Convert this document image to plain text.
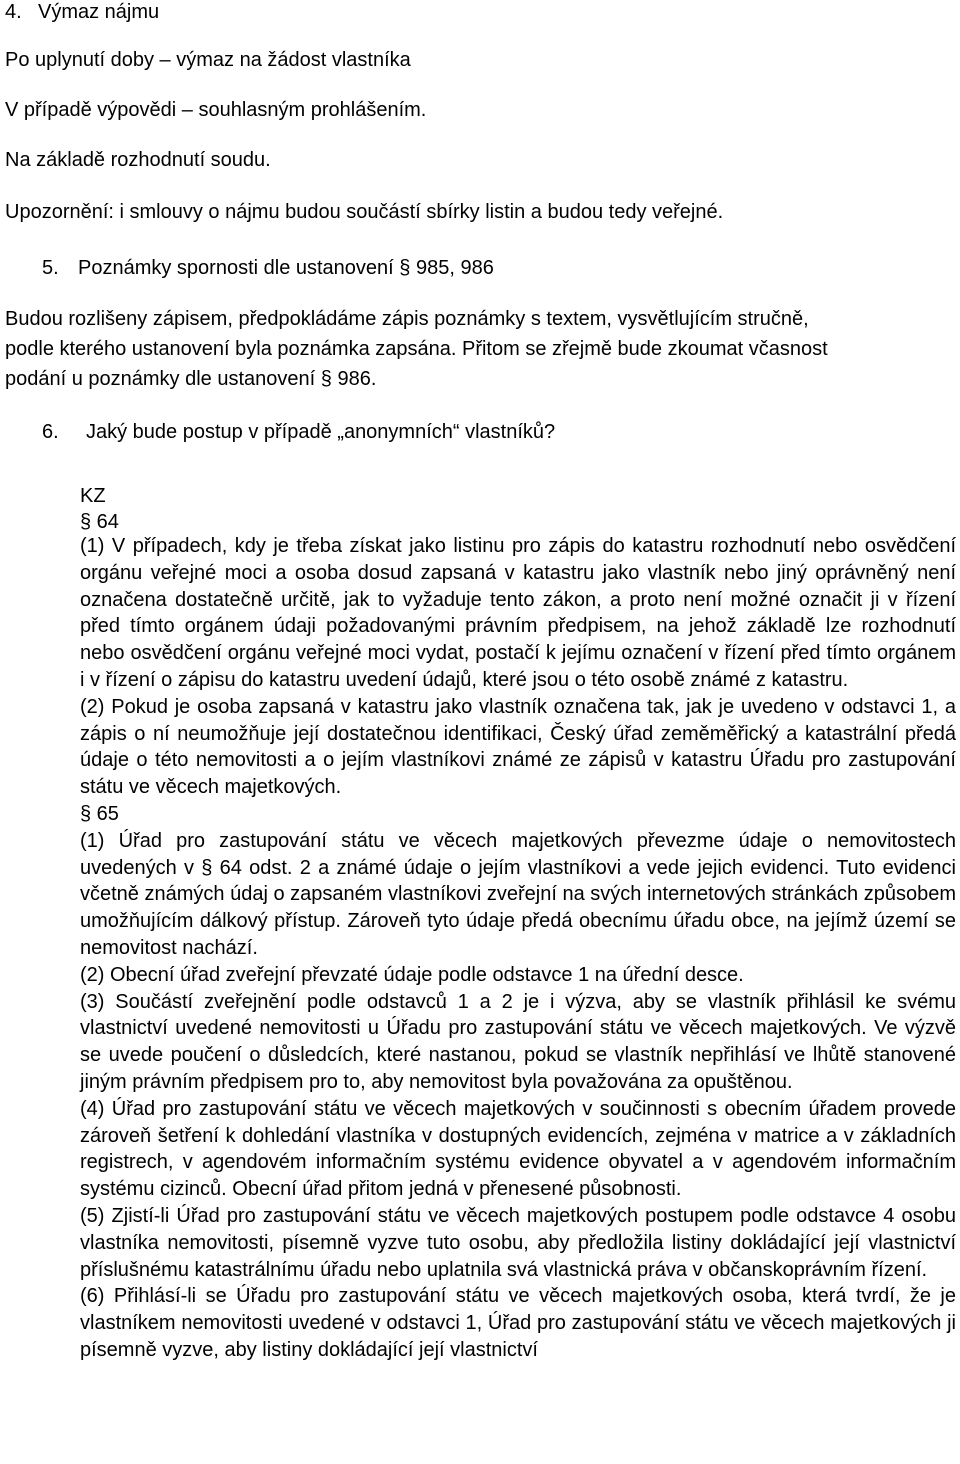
4. Výmaz nájmu
Po uplynutí doby – výmaz na žádost vlastníka
V případě výpovědi – souhlasným prohlášením.
Na základě rozhodnutí soudu.
Upozornění: i smlouvy o nájmu budou součástí sbírky listin a budou tedy veřejné.
5. Poznámky spornosti dle ustanovení § 985, 986
Budou rozlišeny zápisem, předpokládáme zápis poznámky s textem, vysvětlujícím stručně,
podle kterého ustanovení byla poznámka zapsána. Přitom se zřejmě bude zkoumat včasnost
podání u poznámky dle ustanovení § 986.
6. Jaký bude postup v případě „anonymních“ vlastníků?
KZ
§ 64

(1) V případech, kdy je třeba získat jako listinu pro zápis do katastru rozhodnutí nebo osvědčení orgánu veřejné moci a osoba dosud zapsaná v katastru jako vlastník nebo jiný oprávněný není označena dostatečně určitě, jak to vyžaduje tento zákon, a proto není možné označit ji v řízení před tímto orgánem údaji požadovanými právním předpisem, na jehož základě lze rozhodnutí nebo osvědčení orgánu veřejné moci vydat, postačí k jejímu označení v řízení před tímto orgánem i v řízení o zápisu do katastru uvedení údajů, které jsou o této osobě známé z katastru.

(2) Pokud je osoba zapsaná v katastru jako vlastník označena tak, jak je uvedeno v odstavci 1, a zápis o ní neumožňuje její dostatečnou identifikaci, Český úřad zeměměřický a katastrální předá údaje o této nemovitosti a o jejím vlastníkovi známé ze zápisů v katastru Úřadu pro zastupování státu ve věcech majetkových.

§ 65

(1) Úřad pro zastupování státu ve věcech majetkových převezme údaje o nemovitostech uvedených v § 64 odst. 2 a známé údaje o jejím vlastníkovi a vede jejich evidenci. Tuto evidenci včetně známých údaj o zapsaném vlastníkovi zveřejní na svých internetových stránkách způsobem umožňujícím dálkový přístup. Zároveň tyto údaje předá obecnímu úřadu obce, na jejímž území se nemovitost nachází.

(2) Obecní úřad zveřejní převzaté údaje podle odstavce 1 na úřední desce.

(3) Součástí zveřejnění podle odstavců 1 a 2 je i výzva, aby se vlastník přihlásil ke svému vlastnictví uvedené nemovitosti u Úřadu pro zastupování státu ve věcech majetkových. Ve výzvě se uvede poučení o důsledcích, které nastanou, pokud se vlastník nepřihlásí ve lhůtě stanovené jiným právním předpisem pro to, aby nemovitost byla považována za opuštěnou.

(4) Úřad pro zastupování státu ve věcech majetkových v součinnosti s obecním úřadem provede zároveň šetření k dohledání vlastníka v dostupných evidencích, zejména v matrice a v základních registrech, v agendovém informačním systému evidence obyvatel a v agendovém informačním systému cizinců. Obecní úřad přitom jedná v přenesené působnosti.

(5) Zjistí-li Úřad pro zastupování státu ve věcech majetkových postupem podle odstavce 4 osobu vlastníka nemovitosti, písemně vyzve tuto osobu, aby předložila listiny dokládající její vlastnictví příslušnému katastrálnímu úřadu nebo uplatnila svá vlastnická práva v občanskoprávním řízení.

(6) Přihlásí-li se Úřadu pro zastupování státu ve věcech majetkových osoba, která tvrdí, že je vlastníkem nemovitosti uvedené v odstavci 1, Úřad pro zastupování státu ve věcech majetkových ji písemně vyzve, aby listiny dokládající její vlastnictví
